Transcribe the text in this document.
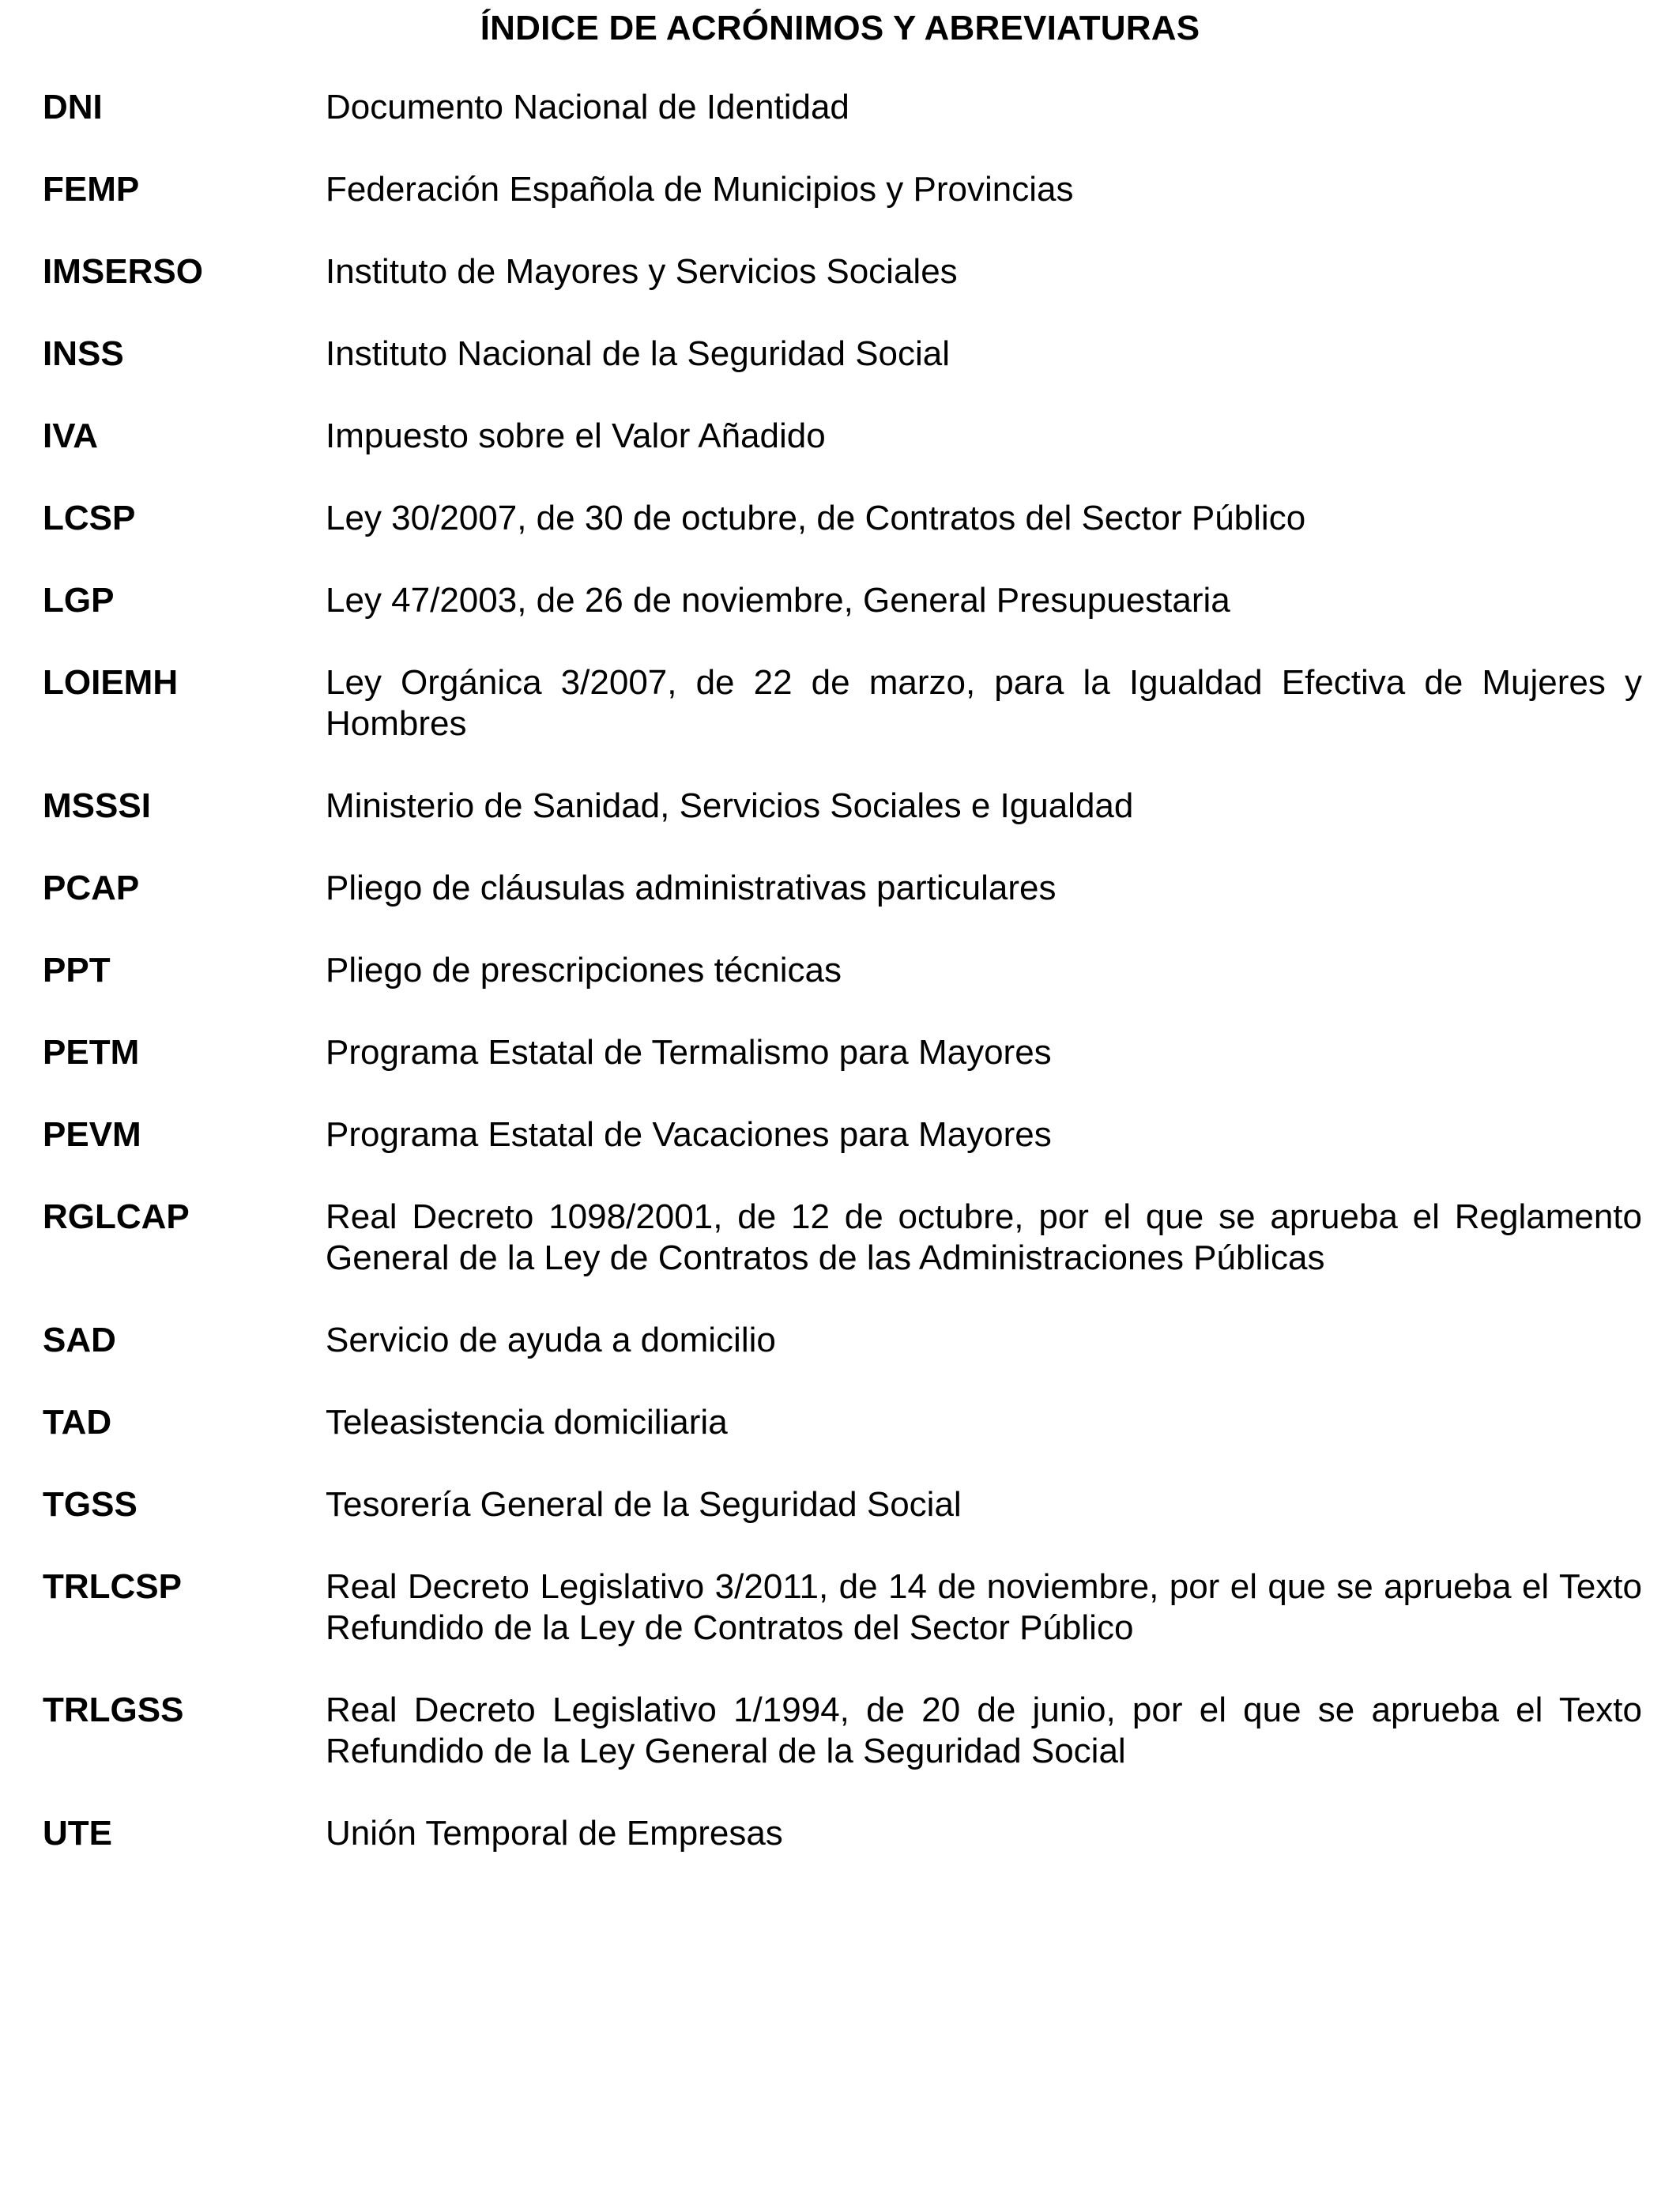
ÍNDICE DE ACRÓNIMOS Y ABREVIATURAS
DNI	Documento Nacional de Identidad
FEMP	Federación Española de Municipios y Provincias
IMSERSO	Instituto de Mayores y Servicios Sociales
INSS	Instituto Nacional de la Seguridad Social
IVA	Impuesto sobre el Valor Añadido
LCSP	Ley 30/2007, de 30 de octubre, de Contratos del Sector Público
LGP	Ley 47/2003, de 26 de noviembre, General Presupuestaria
LOIEMH	Ley Orgánica 3/2007, de 22 de marzo, para la Igualdad Efectiva de Mujeres y Hombres
MSSSI	Ministerio de Sanidad, Servicios Sociales e Igualdad
PCAP	Pliego de cláusulas administrativas particulares
PPT	Pliego de prescripciones técnicas
PETM	Programa Estatal de Termalismo para Mayores
PEVM	Programa Estatal de Vacaciones para Mayores
RGLCAP	Real Decreto 1098/2001, de 12 de octubre, por el que se aprueba el Reglamento General de la Ley de Contratos de las Administraciones Públicas
SAD	Servicio de ayuda a domicilio
TAD	Teleasistencia domiciliaria
TGSS	Tesorería General de la Seguridad Social
TRLCSP	Real Decreto Legislativo 3/2011, de 14 de noviembre, por el que se aprueba el Texto Refundido de la Ley de Contratos del Sector Público
TRLGSS	Real Decreto Legislativo 1/1994, de 20 de junio, por el que se aprueba el Texto Refundido de la Ley General de la Seguridad Social
UTE	Unión Temporal de Empresas
